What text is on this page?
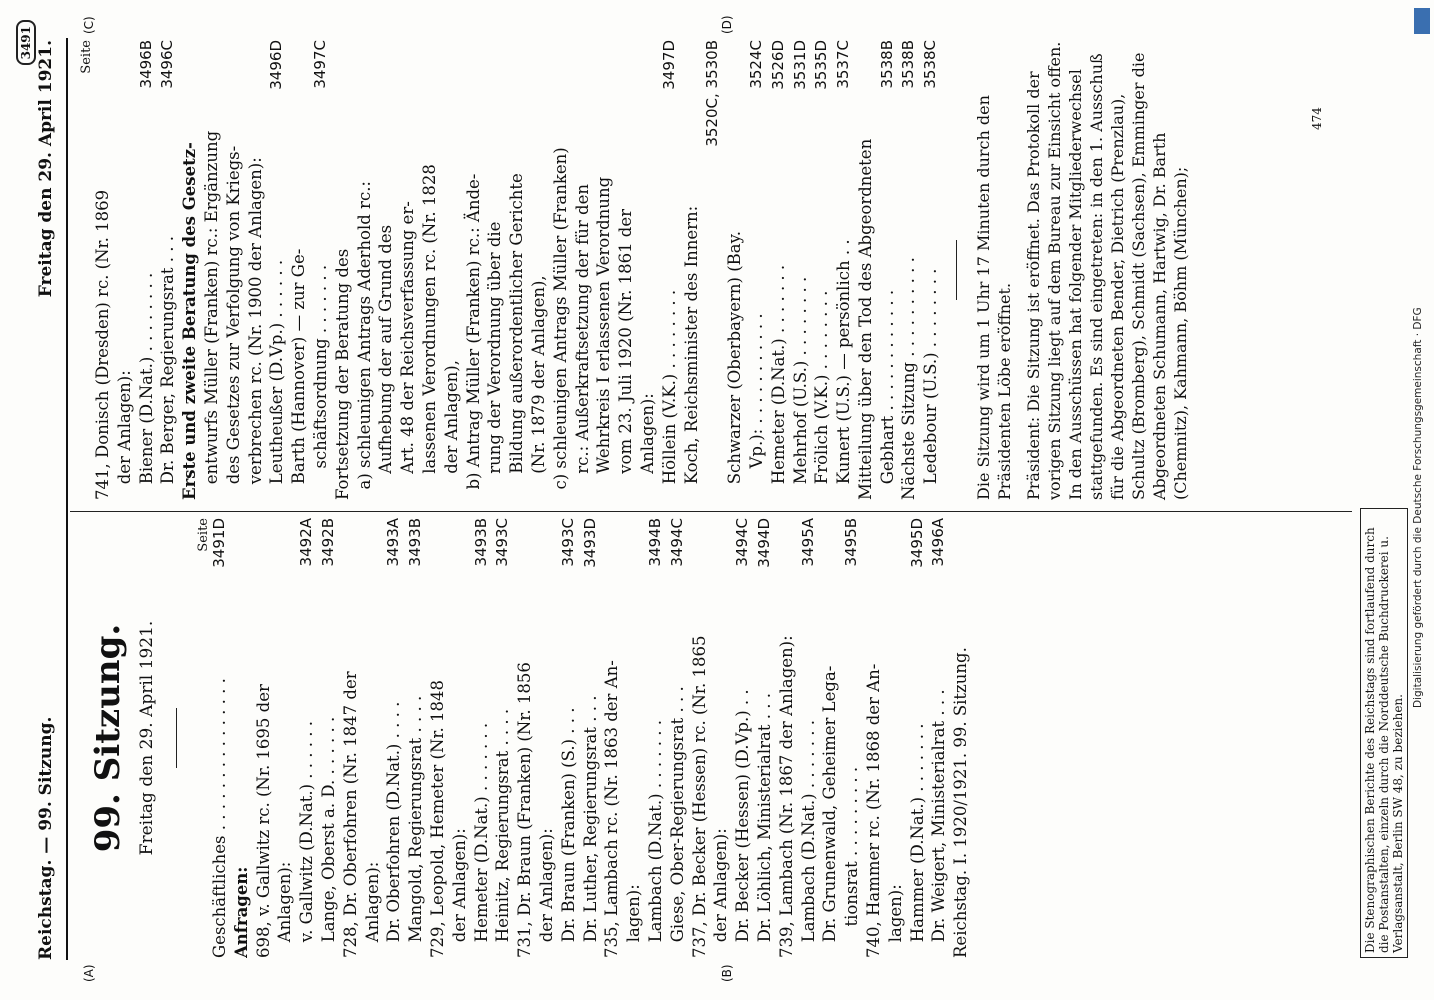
Reichstag. — 99. Sitzung.
Freitag den 29. April 1921.
3491
(A)	(B)
(C)	(D)
99. Sitzung. Freitag den 29. April 1921.
Seite
Geschäftliches . . . . . . . . . . . . . . .
3491D
Anfragen: 698, v. Gallwitz rc. (Nr. 1695 der Anlagen): v. Gallwitz (D.Nat.) . . . . . .
3492A
Lange, Oberst a. D. . . . . . .
3492B
728, Dr. Oberfohren (Nr. 1847 der Anlagen): Dr. Oberfohren (D.Nat.) . . . .
3493A
Mangold, Regierungsrat . . . .
3493B
729, Leopold, Hemeter (Nr. 1848 der Anlagen): Hemeter (D.Nat.) . . . . . . .
3493B
Heinitz, Regierungsrat . . . .
3493C
731, Dr. Braun (Franken) (Nr. 1856 der Anlagen): Dr. Braun (Franken) (S.) . . .
3493C
Dr. Luther, Regierungsrat . . .
3493D
735, Lambach rc. (Nr. 1863 der An- lagen): Lambach (D.Nat.) . . . . . . .
3494B
Giese, Ober-Regierungsrat . . .
3494C
737, Dr. Becker (Hessen) rc. (Nr. 1865 der Anlagen): Dr. Becker (Hessen) (D.Vp.) . .
3494C
Dr. Löhlich, Ministerialrat . . .
3494D
739, Lambach (Nr. 1867 der Anlagen): Lambach (D.Nat.) . . . . . . .
3495A
Dr. Grunenwald, Geheimer Lega- tionsrat . . . . . . . . .
3495B
740, Hammer rc. (Nr. 1868 der An- lagen): Hammer (D.Nat.) . . . . . . .
3495D
Dr. Weigert, Ministerialrat . . .
3496A
Reichstag. I. 1920/1921. 99. Sitzung.
Seite
741, Donisch (Dresden) rc. (Nr. 1869 der Anlagen): Biener (D.Nat.) . . . . . . . .
3496B
Dr. Berger, Regierungsrat . . .
3496C
Erste und zweite Beratung des Gesetz- entwurfs Müller (Franken) rc.: Ergänzung des Gesetzes zur Verfolgung von Kriegs- verbrechen rc. (Nr. 1900 der Anlagen): Leutheußer (D.Vp.) . . . . . .
3496D
Barth (Hannover) — zur Ge- schäftsordnung . . . . . . .
3497C
Fortsetzung der Beratung des a) schleunigen Antrags Aderhold rc.: Aufhebung der auf Grund des Art. 48 der Reichsverfassung er- lassenen Verordnungen rc. (Nr. 1828 der Anlagen), b) Antrag Müller (Franken) rc.: Ände- rung der Verordnung über die Bildung außerordentlicher Gerichte (Nr. 1879 der Anlagen), c) schleunigen Antrags Müller (Franken) rc.: Außerkraftsetzung der für den Wehrkreis I erlassenen Verordnung vom 23. Juli 1920 (Nr. 1861 der Anlagen): Höllein (V.K.) . . . . . . . .
3497D
Koch, Reichsminister des Innern:
3520C, 3530B
Schwarzer (Oberbayern) (Bay. Vp.): . . . . . . . . . . .
3524C
Hemeter (D.Nat.) . . . . . . .
3526D
Mehrhof (U.S.) . . . . . . . .
3531D
Frölich (V.K.) . . . . . . . .
3535D
Kunert (U.S.) — persönlich . .
3537C
Mitteilung über den Tod des Abgeordneten Gebhart . . . . . . . . . . . .
3538B
Nächste Sitzung . . . . . . . . . .
3538B
Ledebour (U.S.) . . . . . . . .
3538C
Die Sitzung wird um 1 Uhr 17 Minuten durch den Präsidenten Löbe eröffnet. Präsident: Die Sitzung ist eröffnet. Das Protokoll der vorigen Sitzung liegt auf dem Bureau zur Einsicht offen. In den Ausschüssen hat folgender Mitgliederwechsel stattgefunden. Es sind eingetreten: in den 1. Ausschuß für die Abgeordneten Bender, Dietrich (Prenzlau), Schultz (Bromberg), Schmidt (Sachsen), Emminger die Abgeordneten Schumann, Hartwig, Dr. Barth (Chemnitz), Kahmann, Böhm (München);
474
Die Stenographischen Berichte des Reichstags sind fortlaufend durch die Postanstalten, einzeln durch die Norddeutsche Buchdruckerei u. Verlagsanstalt, Berlin SW 48, zu beziehen.
Digitalisierung gefördert durch die Deutsche Forschungsgemeinschaft · DFG
